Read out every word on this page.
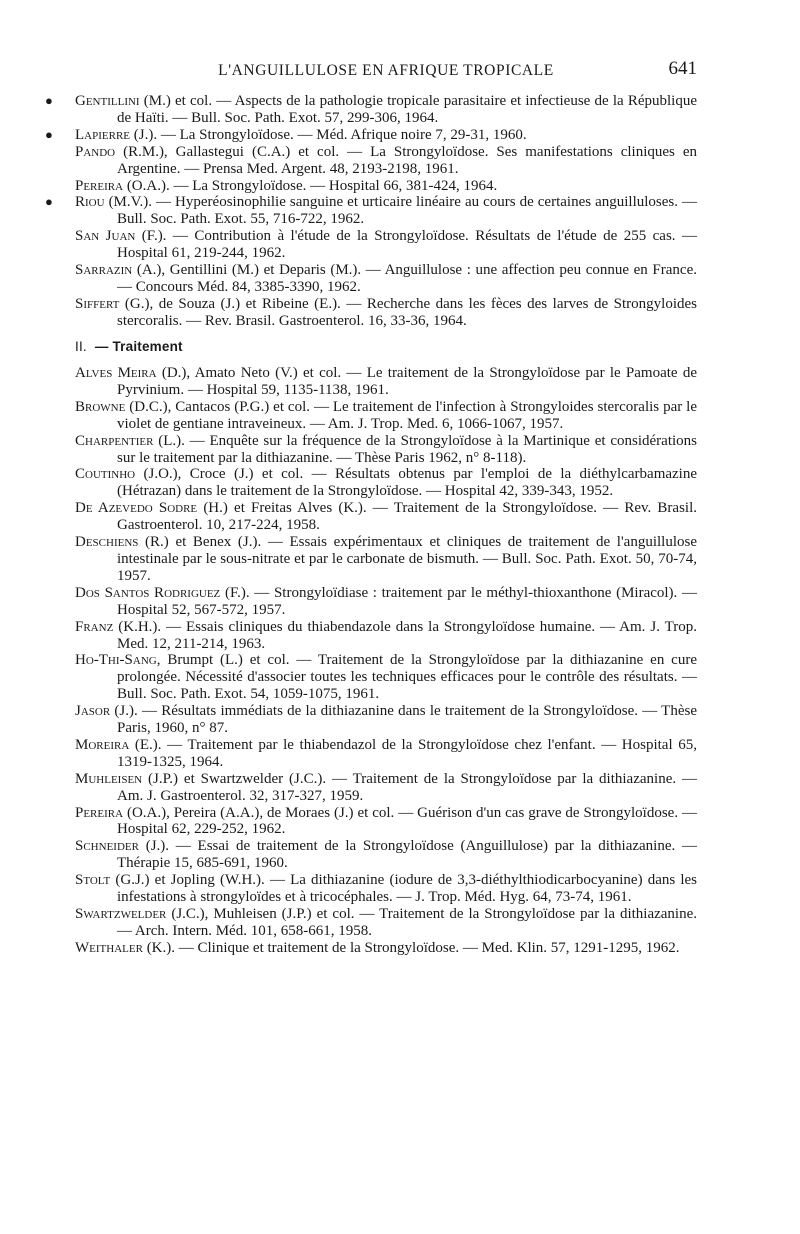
L'ANGUILLULOSE EN AFRIQUE TROPICALE	641

● Gentillini (M.) et col. — Aspects de la pathologie tropicale parasitaire et infectieuse de la République de Haïti. — Bull. Soc. Path. Exot. 57, 299-306, 1964.

● Lapierre (J.). — La Strongyloïdose. — Méd. Afrique noire 7, 29-31, 1960.

Pando (R.M.), Gallastegui (C.A.) et col. — La Strongyloïdose. Ses manifestations cliniques en Argentine. — Prensa Med. Argent. 48, 2193-2198, 1961.

Pereira (O.A.). — La Strongyloïdose. — Hospital 66, 381-424, 1964.

● Riou (M.V.). — Hyperéosinophilie sanguine et urticaire linéaire au cours de certaines anguilluloses. — Bull. Soc. Path. Exot. 55, 716-722, 1962.

San Juan (F.). — Contribution à l'étude de la Strongyloïdose. Résultats de l'étude de 255 cas. — Hospital 61, 219-244, 1962.

Sarrazin (A.), Gentillini (M.) et Deparis (M.). — Anguillulose : une affection peu connue en France. — Concours Méd. 84, 3385-3390, 1962.

Siffert (G.), de Souza (J.) et Ribeine (E.). — Recherche dans les fèces des larves de Strongyloides stercoralis. — Rev. Brasil. Gastroenterol. 16, 33-36, 1964.

II. — Traitement

Alves Meira (D.), Amato Neto (V.) et col. — Le traitement de la Strongyloïdose par le Pamoate de Pyrvinium. — Hospital 59, 1135-1138, 1961.

Browne (D.C.), Cantacos (P.G.) et col. — Le traitement de l'infection à Strongyloides stercoralis par le violet de gentiane intraveineux. — Am. J. Trop. Med. 6, 1066-1067, 1957.

Charpentier (L.). — Enquête sur la fréquence de la Strongyloïdose à la Martinique et considérations sur le traitement par la dithiazanine. — Thèse Paris 1962, n° 8-118).

Coutinho (J.O.), Croce (J.) et col. — Résultats obtenus par l'emploi de la diéthylcarbamazine (Hétrazan) dans le traitement de la Strongyloïdose. — Hospital 42, 339-343, 1952.

De Azevedo Sodre (H.) et Freitas Alves (K.). — Traitement de la Strongyloïdose. — Rev. Brasil. Gastroenterol. 10, 217-224, 1958.

Deschiens (R.) et Benex (J.). — Essais expérimentaux et cliniques de traitement de l'anguillulose intestinale par le sous-nitrate et par le carbonate de bismuth. — Bull. Soc. Path. Exot. 50, 70-74, 1957.

Dos Santos Rodriguez (F.). — Strongyloïdiase : traitement par le méthyl-thioxanthone (Miracol). — Hospital 52, 567-572, 1957.

Franz (K.H.). — Essais cliniques du thiabendazole dans la Strongyloïdose humaine. — Am. J. Trop. Med. 12, 211-214, 1963.

Ho-Thi-Sang, Brumpt (L.) et col. — Traitement de la Strongyloïdose par la dithiazanine en cure prolongée. Nécessité d'associer toutes les techniques efficaces pour le contrôle des résultats. — Bull. Soc. Path. Exot. 54, 1059-1075, 1961.

Jasor (J.). — Résultats immédiats de la dithiazanine dans le traitement de la Strongyloïdose. — Thèse Paris, 1960, n° 87.

Moreira (E.). — Traitement par le thiabendazol de la Strongyloïdose chez l'enfant. — Hospital 65, 1319-1325, 1964.

Muhleisen (J.P.) et Swartzwelder (J.C.). — Traitement de la Strongyloïdose par la dithiazanine. — Am. J. Gastroenterol. 32, 317-327, 1959.

Pereira (O.A.), Pereira (A.A.), de Moraes (J.) et col. — Guérison d'un cas grave de Strongyloïdose. — Hospital 62, 229-252, 1962.

Schneider (J.). — Essai de traitement de la Strongyloïdose (Anguillulose) par la dithiazanine. — Thérapie 15, 685-691, 1960.

Stolt (G.J.) et Jopling (W.H.). — La dithiazanine (iodure de 3,3-diéthylthiodicarbocyanine) dans les infestations à strongyloïdes et à tricocéphales. — J. Trop. Méd. Hyg. 64, 73-74, 1961.

Swartzwelder (J.C.), Muhleisen (J.P.) et col. — Traitement de la Strongyloïdose par la dithiazanine. — Arch. Intern. Méd. 101, 658-661, 1958.

Weithaler (K.). — Clinique et traitement de la Strongyloïdose. — Med. Klin. 57, 1291-1295, 1962.
